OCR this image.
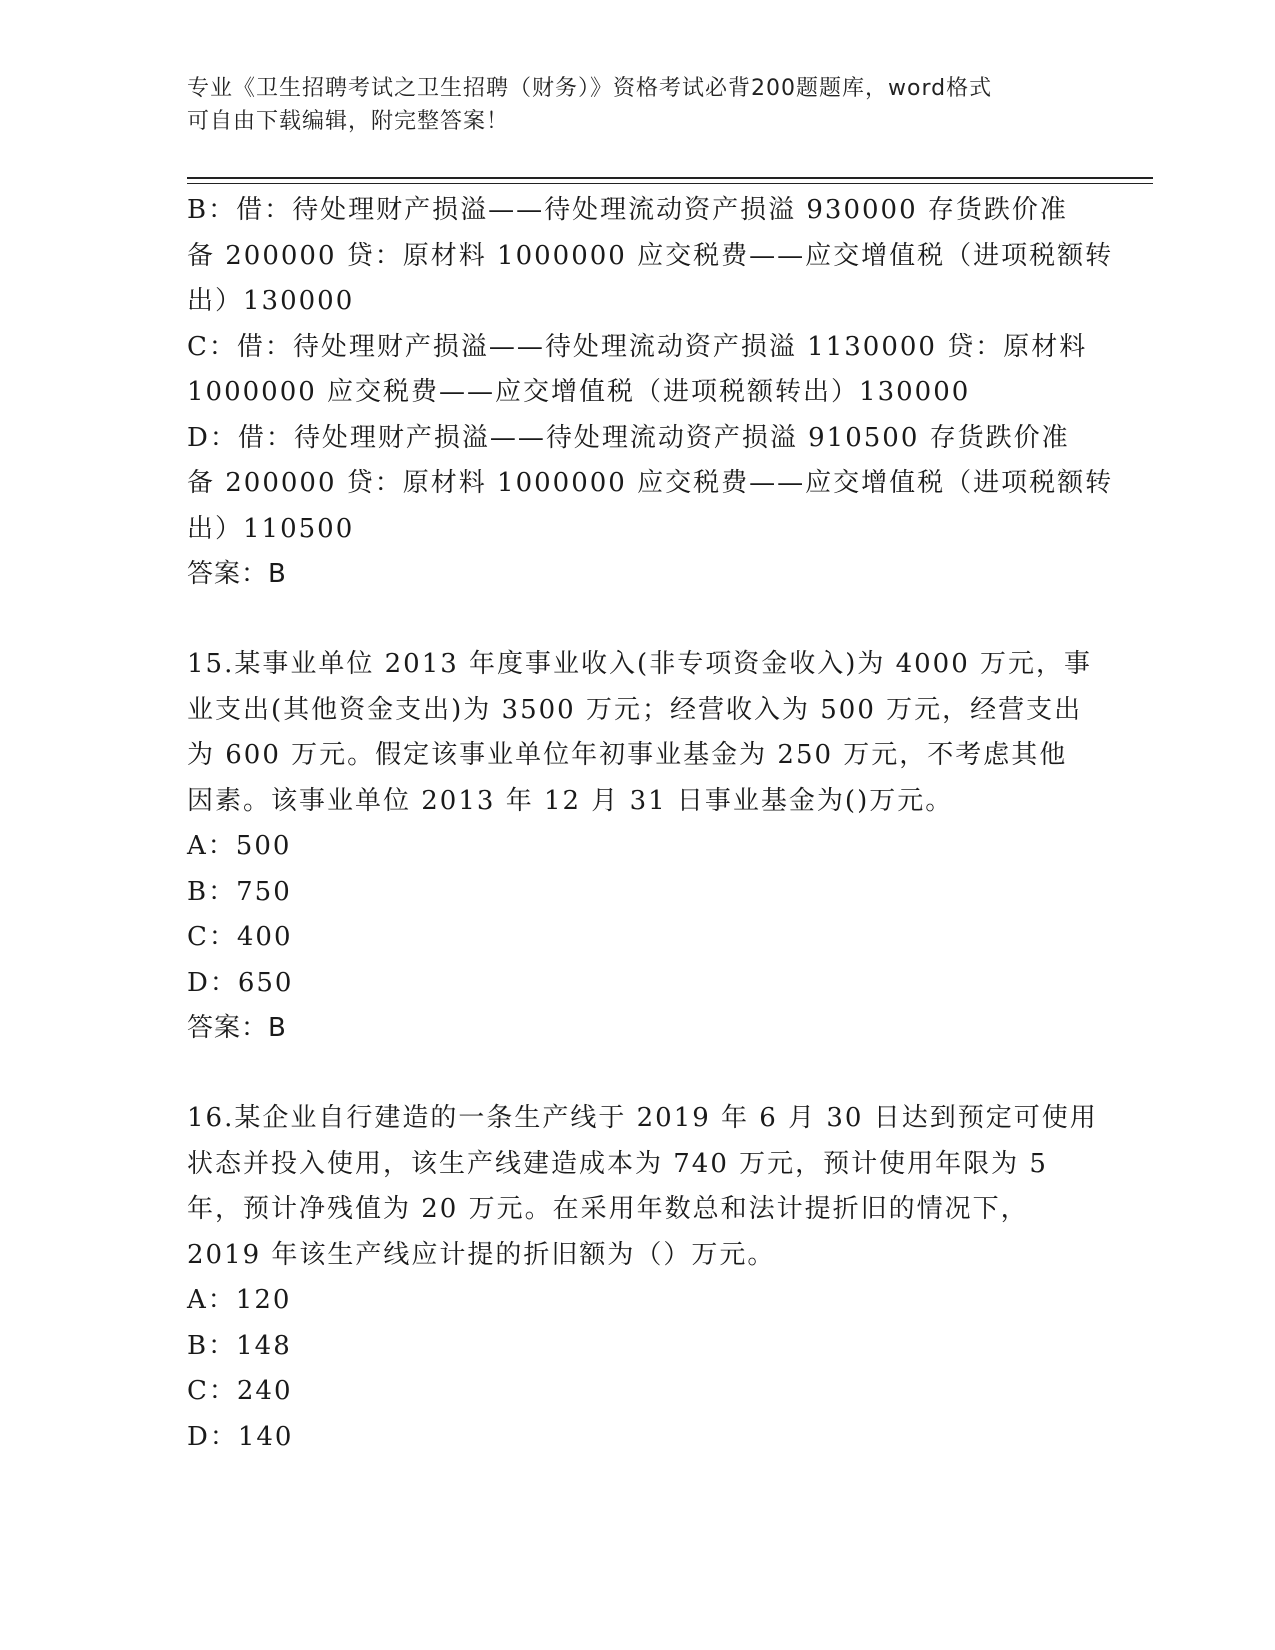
专业《卫生招聘考试之卫生招聘（财务）》资格考试必背200题题库，word格式
可自由下载编辑，附完整答案！
B：借：待处理财产损溢——待处理流动资产损溢 930000 存货跌价准
备 200000 贷：原材料 1000000 应交税费——应交增值税（进项税额转
出）130000
C：借：待处理财产损溢——待处理流动资产损溢 1130000 贷：原材料
1000000 应交税费——应交增值税（进项税额转出）130000
D：借：待处理财产损溢——待处理流动资产损溢 910500 存货跌价准
备 200000 贷：原材料 1000000 应交税费——应交增值税（进项税额转
出）110500
答案：B
15.某事业单位 2013 年度事业收入(非专项资金收入)为 4000 万元，事
业支出(其他资金支出)为 3500 万元；经营收入为 500 万元，经营支出
为 600 万元。假定该事业单位年初事业基金为 250 万元，不考虑其他
因素。该事业单位 2013 年 12 月 31 日事业基金为()万元。
A：500
B：750
C：400
D：650
答案：B
16.某企业自行建造的一条生产线于 2019 年 6 月 30 日达到预定可使用
状态并投入使用，该生产线建造成本为 740 万元，预计使用年限为 5
年，预计净残值为 20 万元。在采用年数总和法计提折旧的情况下，
2019 年该生产线应计提的折旧额为（）万元。
A：120
B：148
C：240
D：140
